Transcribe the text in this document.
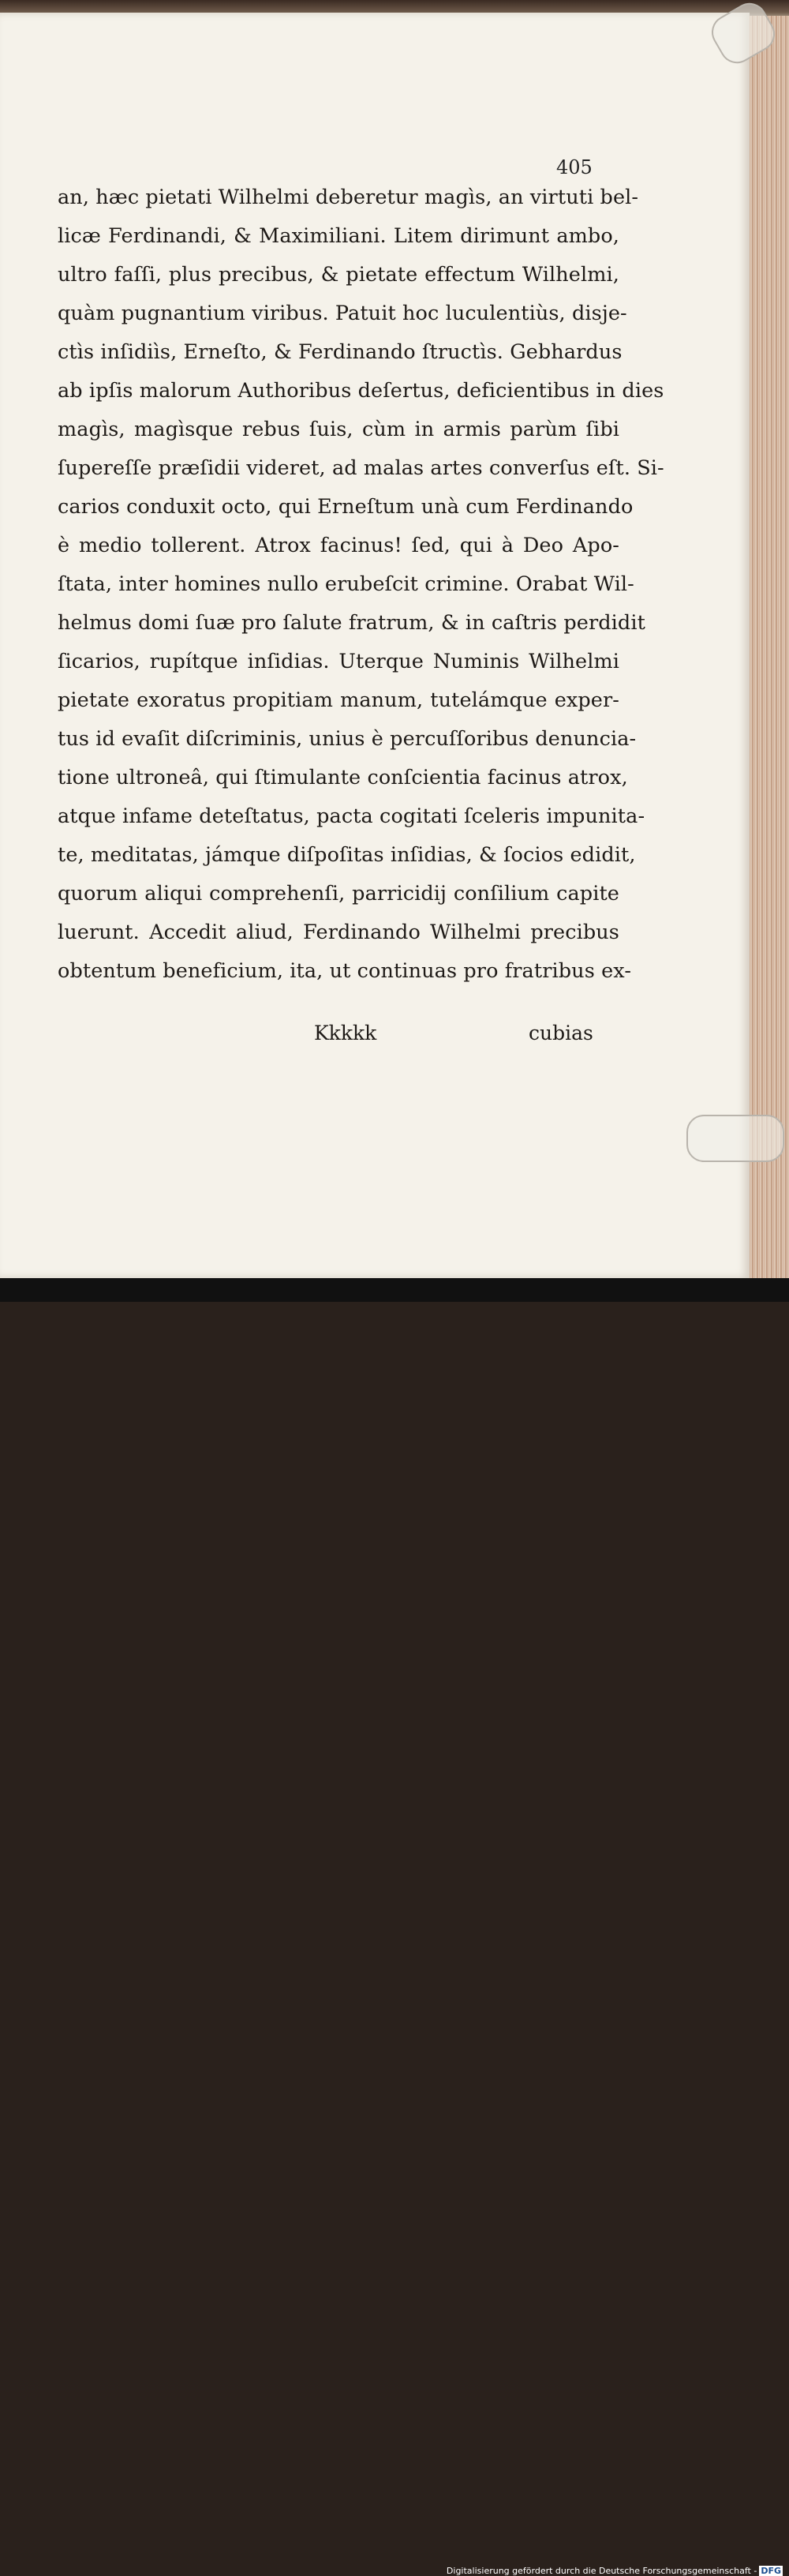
405
an, hæc pietati Wilhelmi deberetur magìs, an virtuti bel-
licæ Ferdinandi, & Maximiliani. Litem dirimunt ambo,
ultro faſſi, plus precibus, & pietate effectum Wilhelmi,
quàm pugnantium viribus. Patuit hoc luculentiùs, disje-
ctìs inſidiìs, Erneſto, & Ferdinando ſtructìs. Gebhardus
ab ipſis malorum Authoribus deſertus, deficientibus in dies
magìs, magìsque rebus ſuis, cùm in armis parùm ſibi
ſupereſſe præſidii videret, ad malas artes converſus eſt. Si-
carios conduxit octo, qui Erneſtum unà cum Ferdinando
è medio tollerent. Atrox facinus! ſed, qui à Deo Apo-
ſtata, inter homines nullo erubeſcit crimine. Orabat Wil-
helmus domi ſuæ pro ſalute fratrum, & in caſtris perdidit
ſicarios, rupítque inſidias. Uterque Numinis Wilhelmi
pietate exoratus propitiam manum, tutelámque exper-
tus id evaſit diſcriminis, unius è percuſſoribus denuncia-
tione ultroneâ, qui ſtimulante conſcientia facinus atrox,
atque infame deteſtatus, pacta cogitati ſceleris impunita-
te, meditatas, jámque diſpoſitas inſidias, & ſocios edidit,
quorum aliqui comprehenſi, parricidij conſilium capite
luerunt. Accedit aliud, Ferdinando Wilhelmi precibus
obtentum beneficium, ita, ut continuas pro fratribus ex-
Kkkkk	cubias
Digitalisierung gefördert durch die Deutsche Forschungsgemeinschaft - DFG
